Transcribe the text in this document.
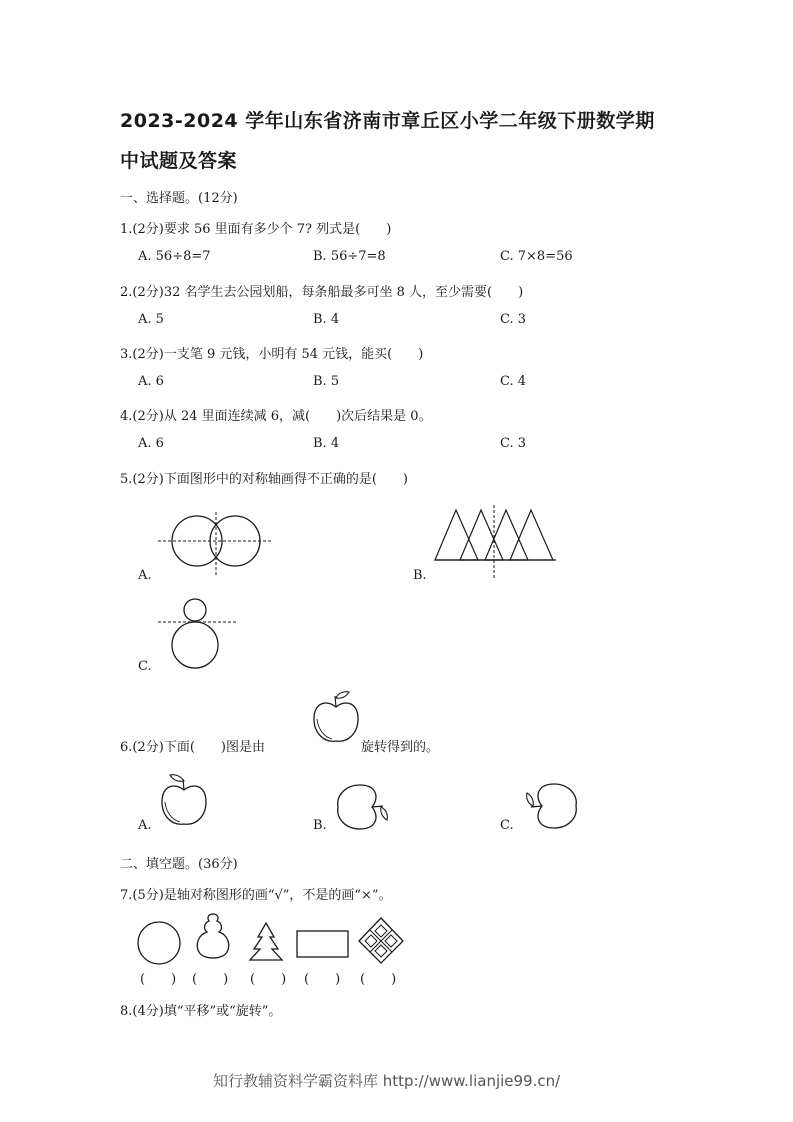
2023-2024 学年山东省济南市章丘区小学二年级下册数学期
中试题及答案
一、选择题。(12分)
1.(2分)要求 56 里面有多少个 7? 列式是(　　)
A. 56÷8=7	B. 56÷7=8	C. 7×8=56
2.(2分)32 名学生去公园划船，每条船最多可坐 8 人，至少需要(　　)
A. 5	B. 4	C. 3
3.(2分)一支笔 9 元钱，小明有 54 元钱，能买(　　)
A. 6	B. 5	C. 4
4.(2分)从 24 里面连续减 6，减(　　)次后结果是 0。
A. 6	B. 4	C. 3
5.(2分)下面图形中的对称轴画得不正确的是(　　)
A.	B.
C.
6.(2分)下面(　　)图是由	旋转得到的。
A.	B.	C.
二、填空题。(36分)
7.(5分)是轴对称图形的画“√”，不是的画“×”。
(　　) (　　) (　　) (　　) (　　)
8.(4分)填“平移”或“旋转”。
知行教辅资料学霸资料库 http://www.lianjie99.cn/
